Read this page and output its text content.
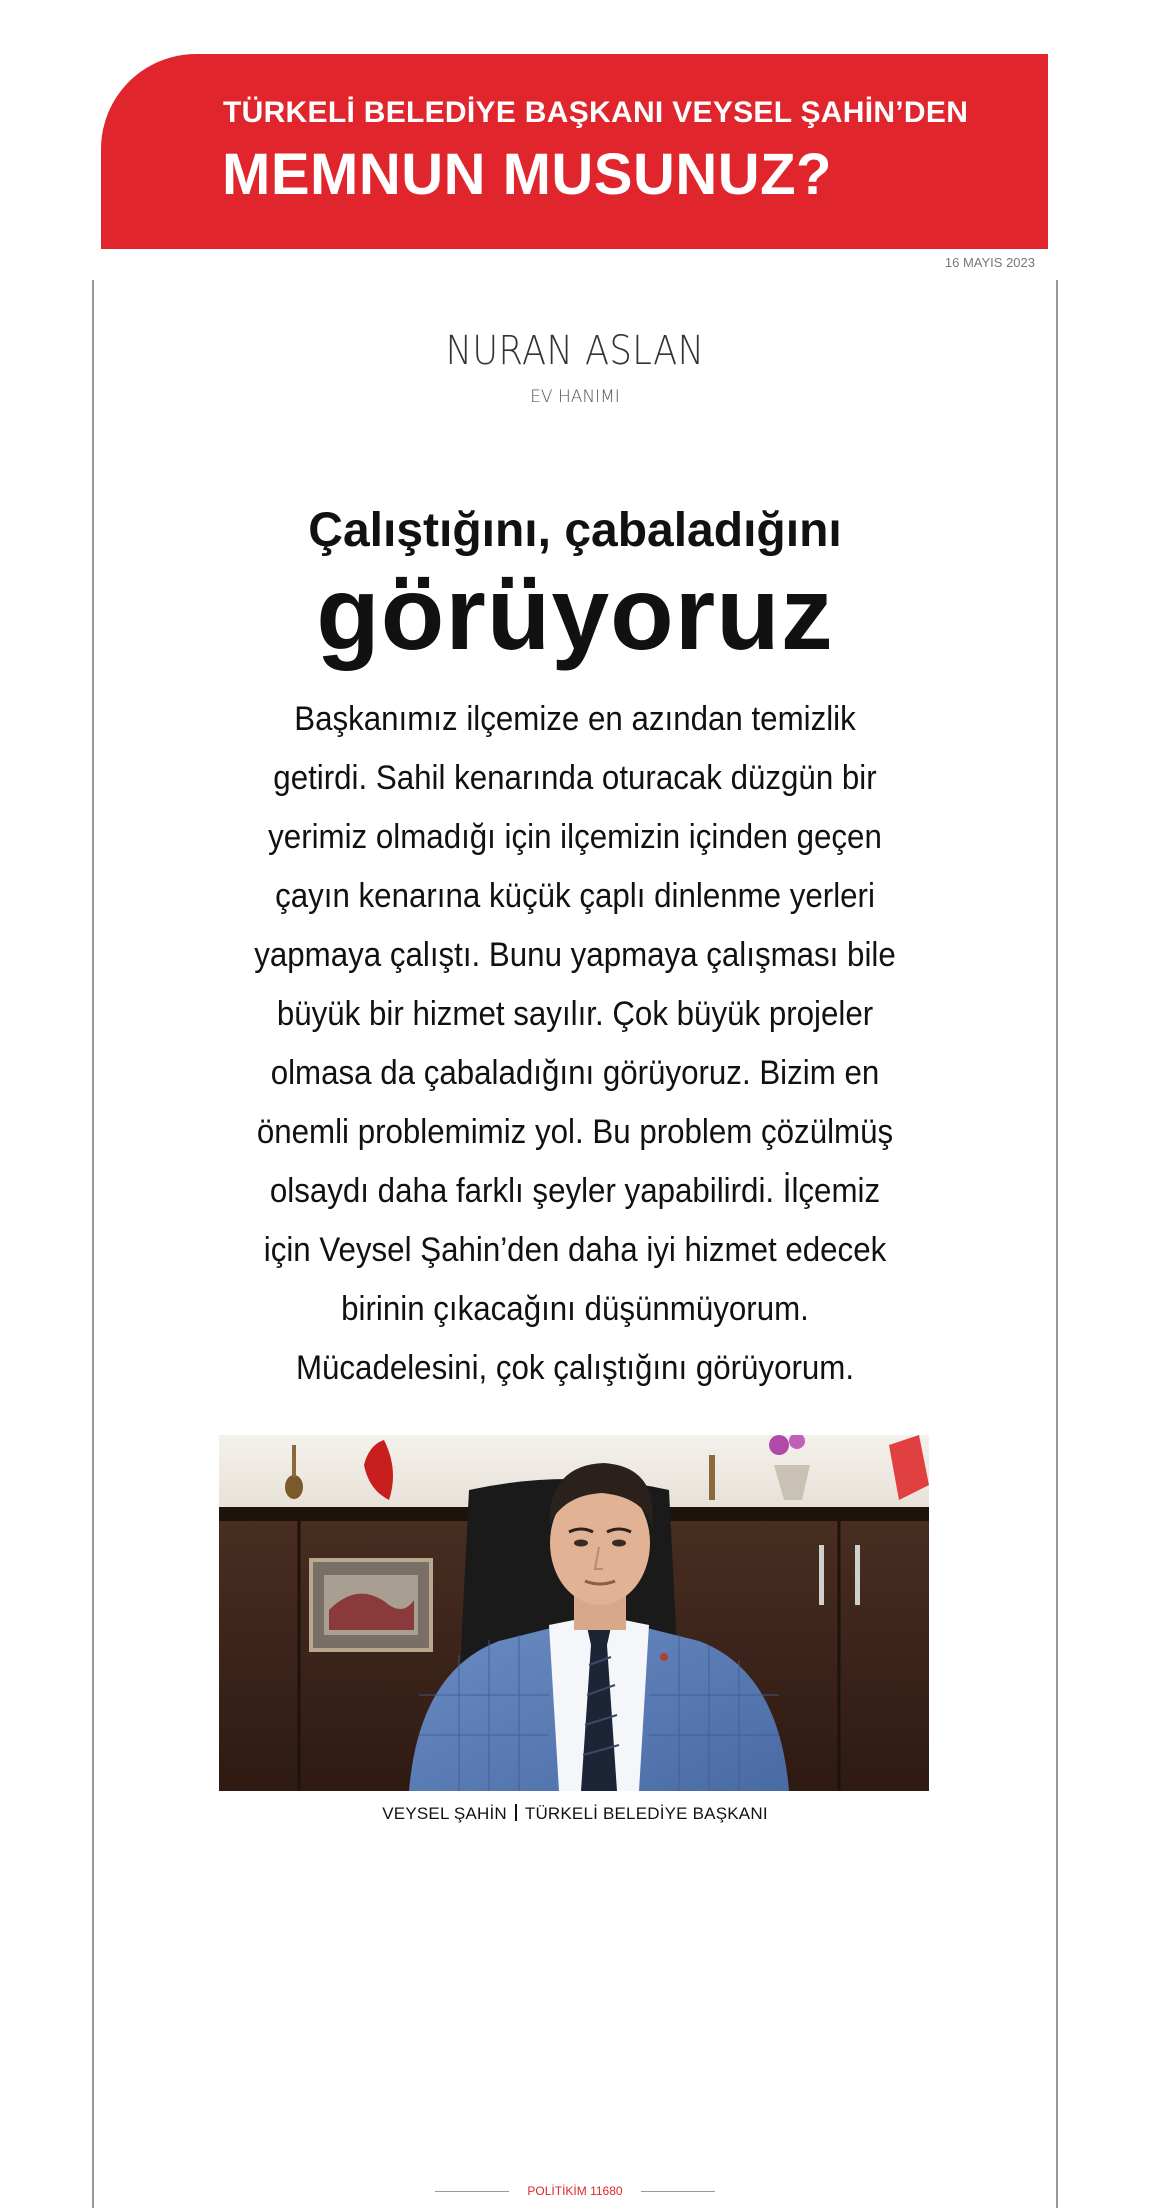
TÜRKELİ BELEDİYE BAŞKANI VEYSEL ŞAHİN’DEN
MEMNUN MUSUNUZ?
16 MAYIS 2023
NURAN ASLAN
EV HANIMI
Çalıştığını, çabaladığını
görüyoruz
Başkanımız ilçemize en azından temizlik getirdi. Sahil kenarında oturacak düzgün bir yerimiz olmadığı için ilçemizin içinden geçen çayın kenarına küçük çaplı dinlenme yerleri yapmaya çalıştı. Bunu yapmaya çalışması bile büyük bir hizmet sayılır. Çok büyük projeler olmasa da çabaladığını görüyoruz. Bizim en önemli problemimiz yol. Bu problem çözülmüş olsaydı daha farklı şeyler yapabilirdi. İlçemiz için Veysel Şahin’den daha iyi hizmet edecek birinin çıkacağını düşünmüyorum. Mücadelesini, çok çalıştığını görüyorum.
VEYSEL ŞAHİN TÜRKELİ BELEDİYE BAŞKANI
POLİTİKİM 11680
